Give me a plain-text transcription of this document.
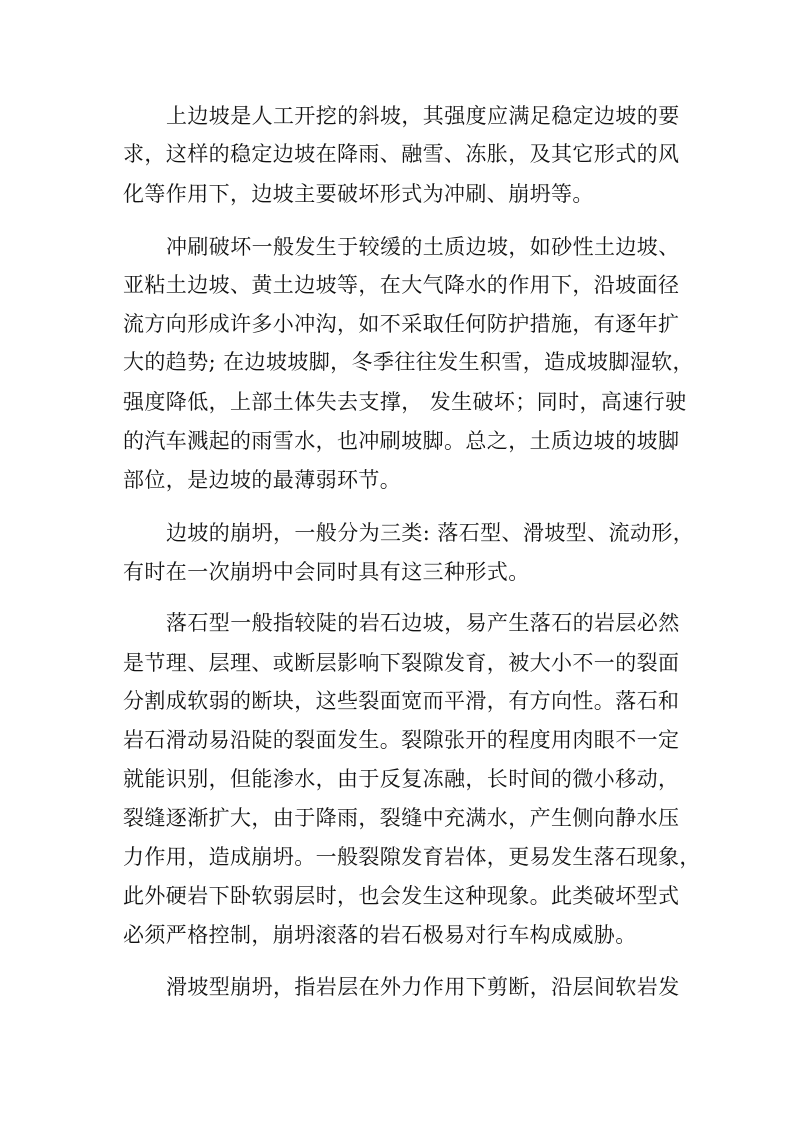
上边坡是人工开挖的斜坡，其强度应满足稳定边坡的要
求，这样的稳定边坡在降雨、融雪、冻胀，及其它形式的风
化等作用下，边坡主要破坏形式为冲刷、崩坍等。
冲刷破坏一般发生于较缓的土质边坡，如砂性土边坡、
亚粘土边坡、黄土边坡等，在大气降水的作用下，沿坡面径
流方向形成许多小冲沟，如不采取任何防护措施，有逐年扩
大的趋势; 在边坡坡脚，冬季往往发生积雪，造成坡脚湿软，
强度降低，上部土体失去支撑， 发生破坏；同时，高速行驶
的汽车溅起的雨雪水，也冲刷坡脚。总之，土质边坡的坡脚
部位，是边坡的最薄弱环节。
边坡的崩坍，一般分为三类: 落石型、滑坡型、流动形，
有时在一次崩坍中会同时具有这三种形式。
落石型一般指较陡的岩石边坡，易产生落石的岩层必然
是节理、层理、或断层影响下裂隙发育，被大小不一的裂面
分割成软弱的断块，这些裂面宽而平滑，有方向性。落石和
岩石滑动易沿陡的裂面发生。裂隙张开的程度用肉眼不一定
就能识别，但能渗水，由于反复冻融，长时间的微小移动，
裂缝逐渐扩大，由于降雨，裂缝中充满水，产生侧向静水压
力作用，造成崩坍。一般裂隙发育岩体，更易发生落石现象，
此外硬岩下卧软弱层时，也会发生这种现象。此类破坏型式
必须严格控制，崩坍滚落的岩石极易对行车构成威胁。
滑坡型崩坍，指岩层在外力作用下剪断，沿层间软岩发
